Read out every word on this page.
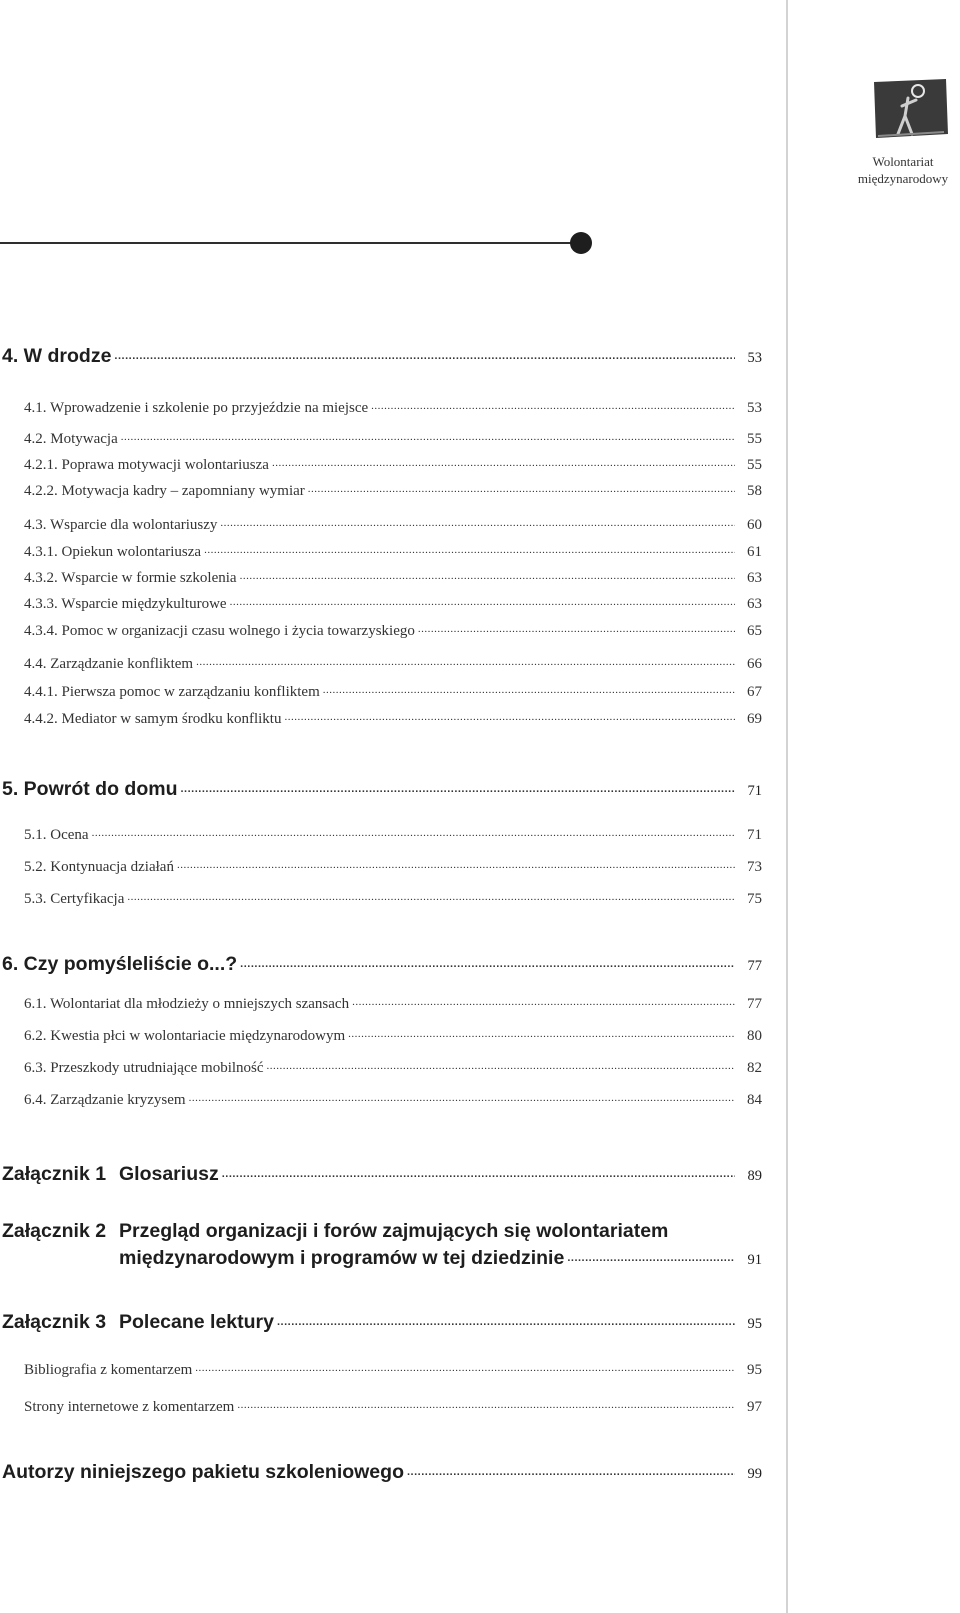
Wolontariat
międzynarodowy
4. W drodze .....	53
4.1. Wprowadzenie i szkolenie po przyjeździe na miejsce .....	53
4.2. Motywacja .....	55
4.2.1. Poprawa motywacji wolontariusza .....	55
4.2.2. Motywacja kadry – zapomniany wymiar .....	58
4.3. Wsparcie dla wolontariuszy .....	60
4.3.1. Opiekun wolontariusza .....	61
4.3.2. Wsparcie w formie szkolenia .....	63
4.3.3. Wsparcie międzykulturowe .....	63
4.3.4. Pomoc w organizacji czasu wolnego i życia towarzyskiego .....	65
4.4. Zarządzanie konfliktem .....	66
4.4.1. Pierwsza pomoc w zarządzaniu konfliktem .....	67
4.4.2. Mediator w samym środku konfliktu .....	69
5. Powrót do domu .....	71
5.1. Ocena .....	71
5.2. Kontynuacja działań .....	73
5.3. Certyfikacja .....	75
6. Czy pomyśleliście o...? .....	77
6.1. Wolontariat dla młodzieży o mniejszych szansach .....	77
6.2. Kwestia płci w wolontariacie międzynarodowym .....	80
6.3. Przeszkody utrudniające mobilność .....	82
6.4. Zarządzanie kryzysem .....	84
Załącznik 1 Glosariusz .....	89
Załącznik 2 Przegląd organizacji i forów zajmujących się wolontariatem
międzynarodowym i programów w tej dziedzinie .....	91
Załącznik 3 Polecane lektury .....	95
Bibliografia z komentarzem .....	95
Strony internetowe z komentarzem .....	97
Autorzy niniejszego pakietu szkoleniowego .....	99
